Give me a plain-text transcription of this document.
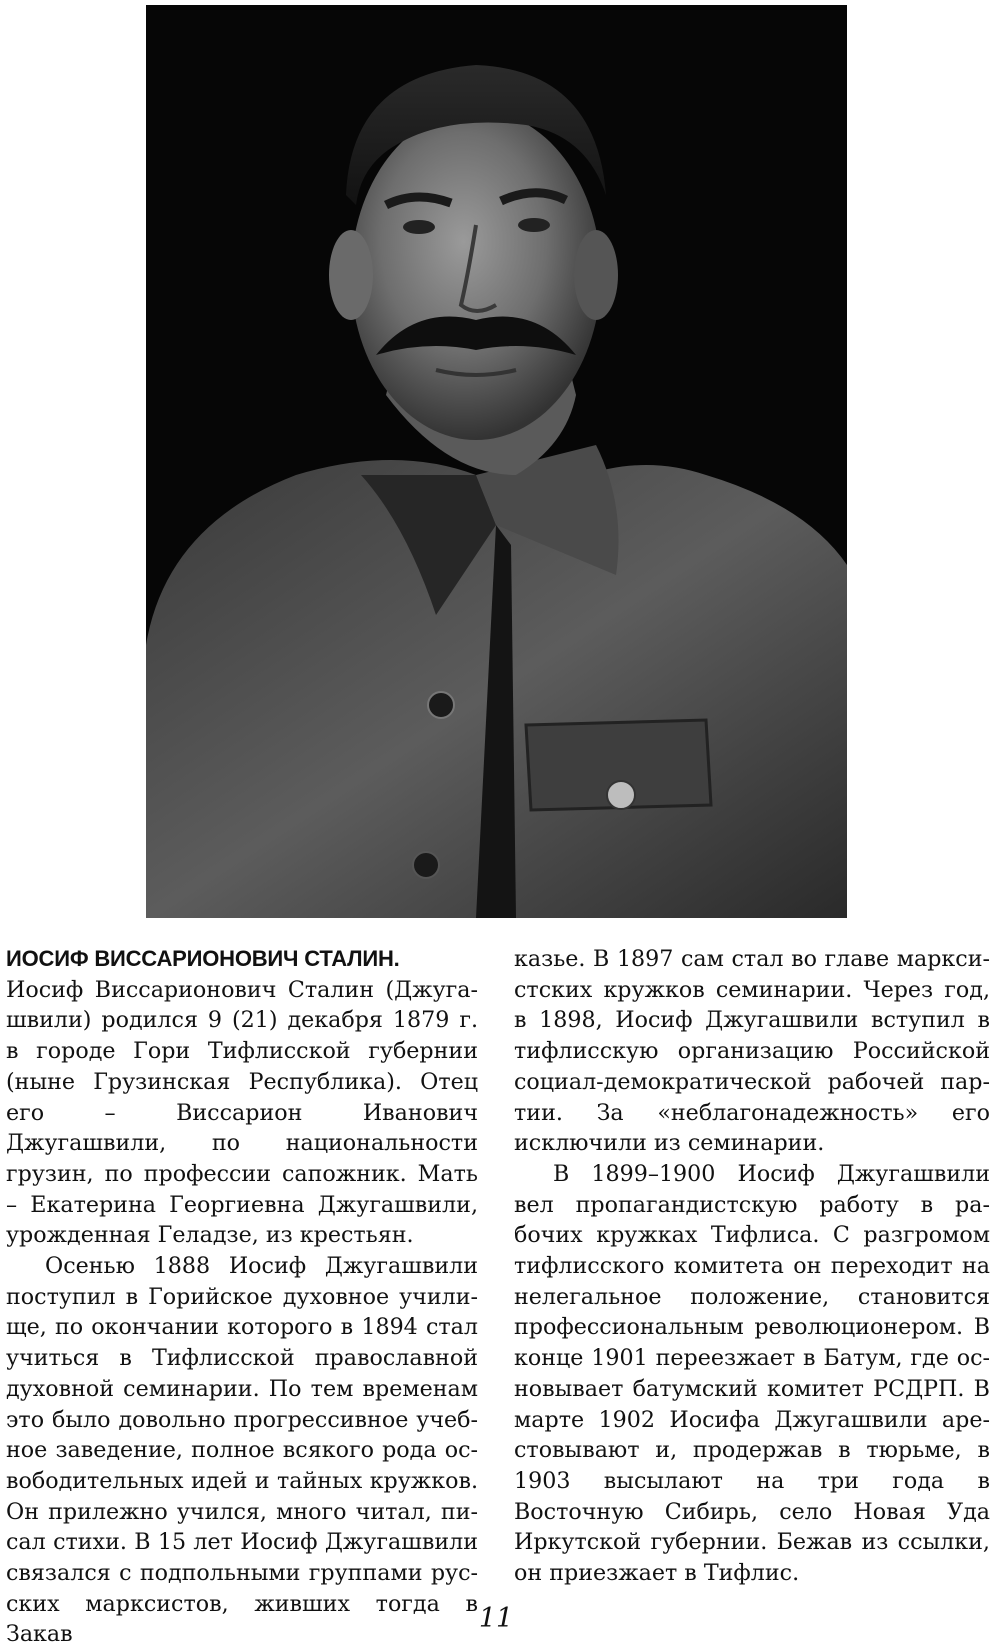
ИОСИФ ВИССАРИОНОВИЧ СТАЛИН.
Иосиф Виссарионович Сталин (Джугашвили) родился 9 (21) декабря 1879 г. в городе Гори Тифлисской губернии (ныне Грузинская Республика). Отец его – Виссарион Иванович Джугашвили, по национальности грузин, по профессии сапожник. Мать – Екатерина Георгиевна Джугашвили, урожденная Геладзе, из крестьян.

Осенью 1888 Иосиф Джугашвили поступил в Горийское духовное училище, по окончании которого в 1894 стал учиться в Тифлисской православной духовной семинарии. По тем временам это было довольно прогрессивное учебное заведение, полное всякого рода освободительных идей и тайных кружков. Он прилежно учился, много читал, писал стихи. В 15 лет Иосиф Джугашвили связался с подпольными группами русских марксистов, живших тогда в Закав

казье. В 1897 сам стал во главе марксистских кружков семинарии. Через год, в 1898, Иосиф Джугашвили вступил в тифлисскую организацию Российской социал-демократической рабочей партии. За «неблагонадежность» его исключили из семинарии.

В 1899–1900 Иосиф Джугашвили вел пропагандистскую работу в рабочих кружках Тифлиса. С разгромом тифлисского комитета он переходит на нелегальное положение, становится профессиональным революционером. В конце 1901 переезжает в Батум, где основывает батумский комитет РСДРП. В марте 1902 Иосифа Джугашвили арестовывают и, продержав в тюрьме, в 1903 высылают на три года в Восточную Сибирь, село Новая Уда Иркутской губернии. Бежав из ссылки, он приезжает в Тифлис.

11
